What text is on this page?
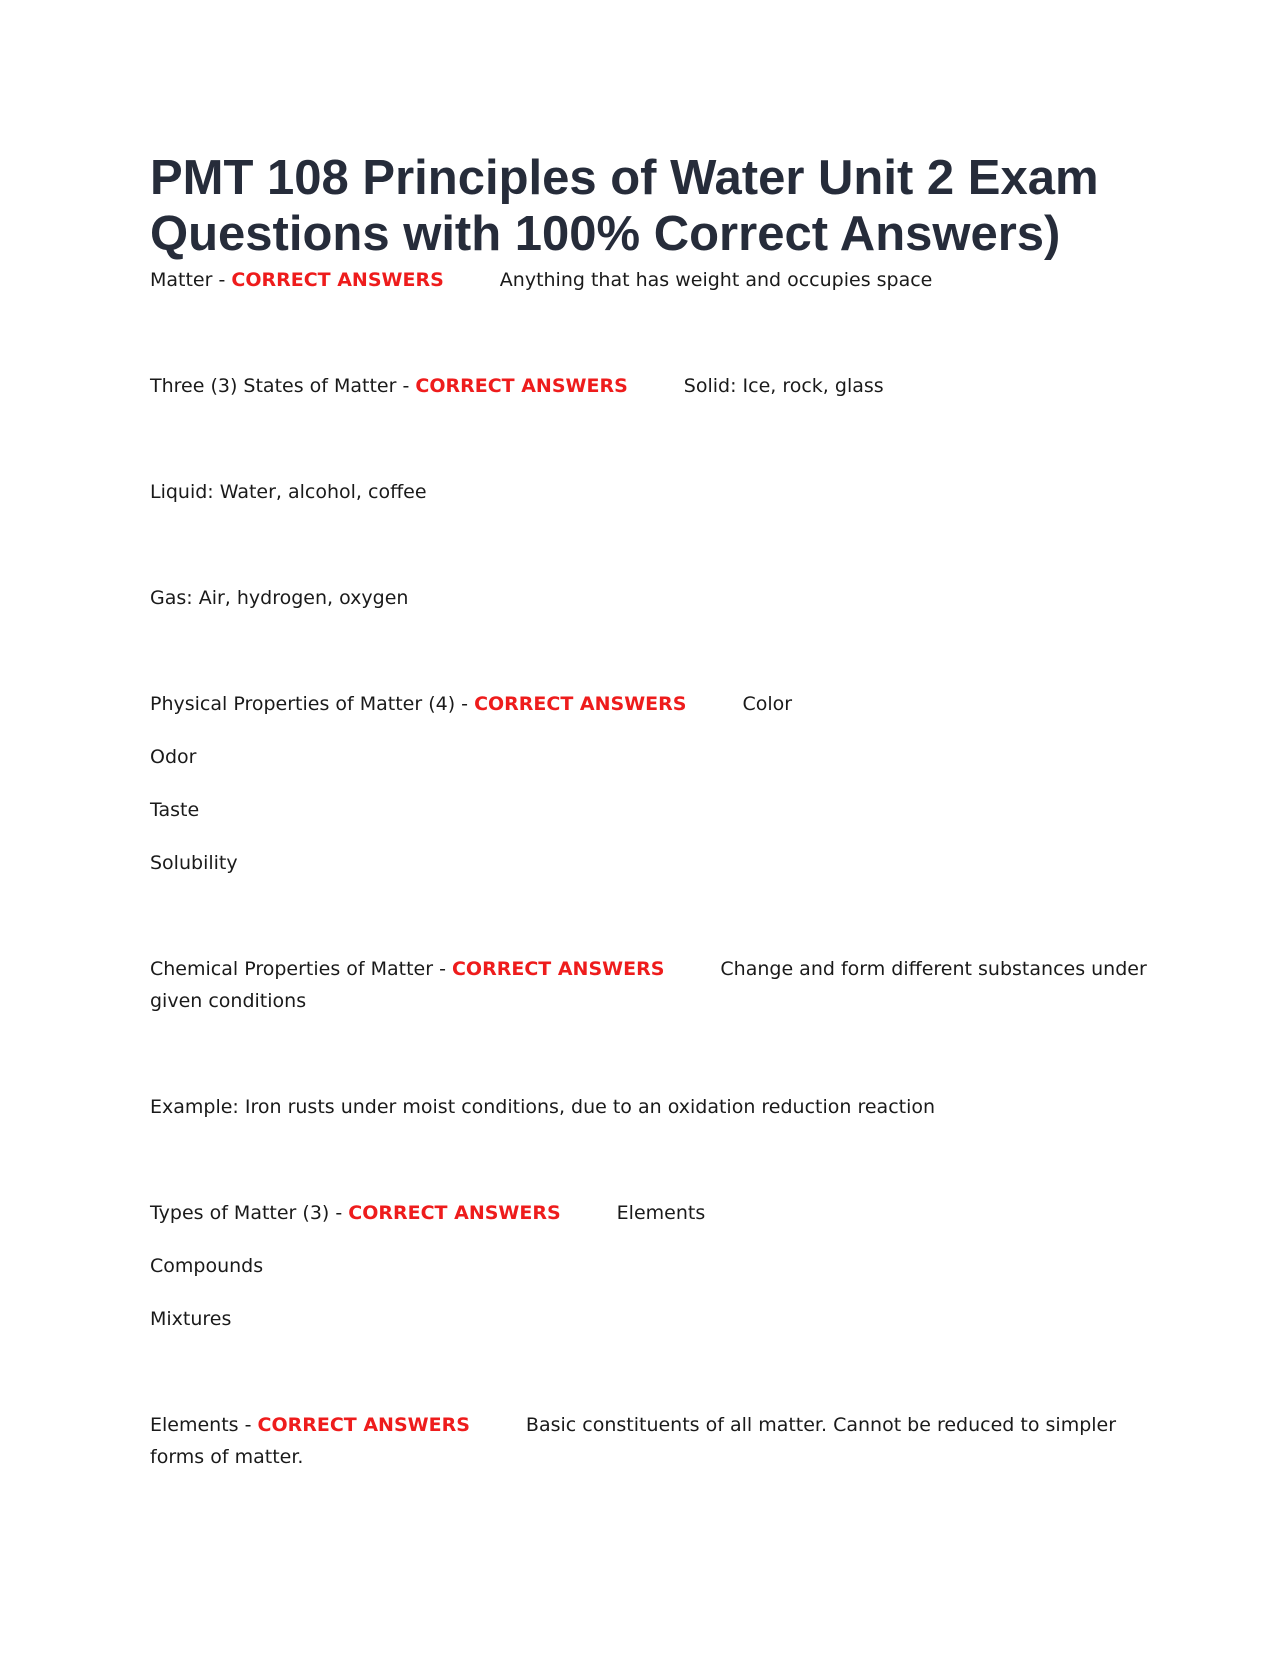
PMT 108 Principles of Water Unit 2 Exam
Questions with 100% Correct Answers)

Matter - CORRECT ANSWERS	Anything that has weight and occupies space

Three (3) States of Matter - CORRECT ANSWERS	Solid: Ice, rock, glass

Liquid: Water, alcohol, coffee

Gas: Air, hydrogen, oxygen

Physical Properties of Matter (4) - CORRECT ANSWERS	Color

Odor

Taste

Solubility

Chemical Properties of Matter - CORRECT ANSWERS	Change and form different substances under

given conditions

Example: Iron rusts under moist conditions, due to an oxidation reduction reaction

Types of Matter (3) - CORRECT ANSWERS	Elements

Compounds

Mixtures

Elements - CORRECT ANSWERS	Basic constituents of all matter. Cannot be reduced to simpler

forms of matter.
